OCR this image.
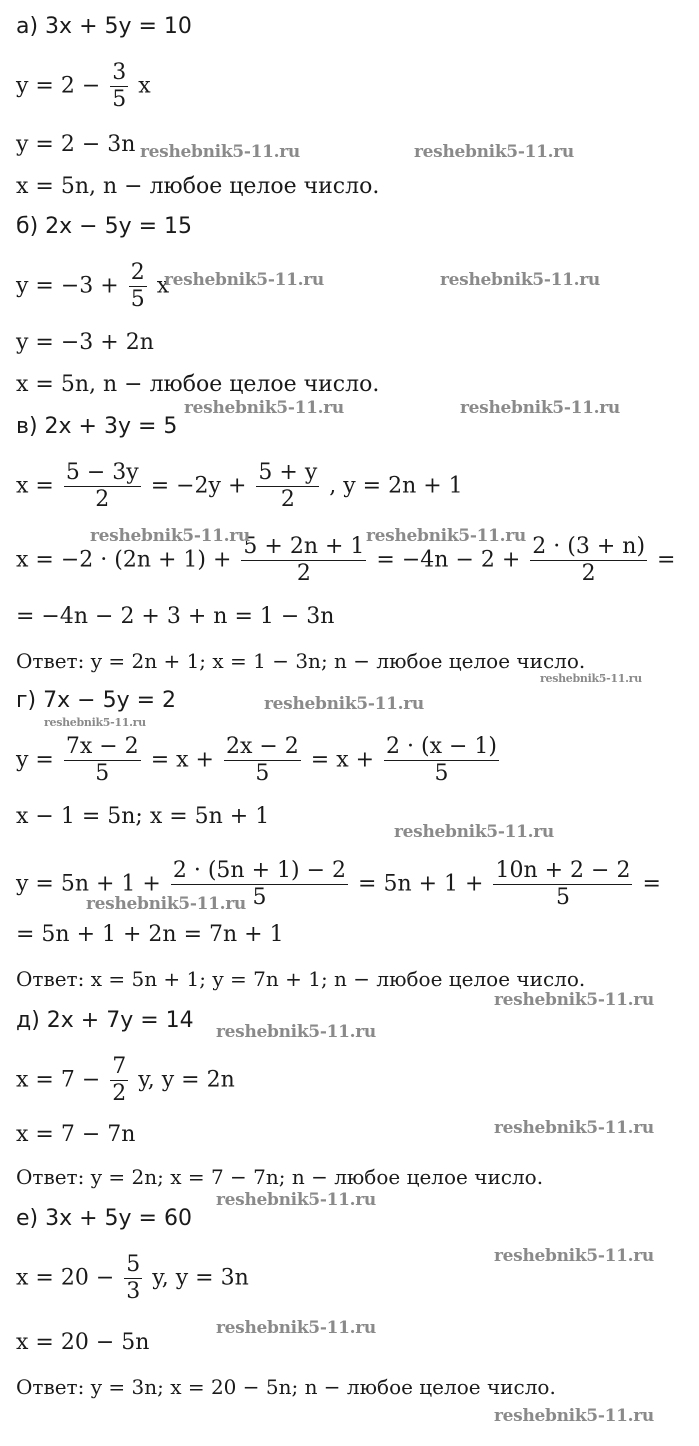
а) 3x + 5y = 10
$y = 2 - \frac{3}{5}$ x
y = 2 − 3n
x = 5n, n − любое целое число.
б) 2x − 5y = 15
$y = -3 + \frac{2}{5}$ x
y = −3 + 2n
x = 5n, n − любое целое число.
в) 2x + 3y = 5
$x = \frac{5 - 3y}{2} = -2y + \frac{5 + y}{2}$ , y = 2n + 1
$x = -2 \cdot (2n + 1) + \frac{5 + 2n + 1}{2} = -4n - 2 + \frac{2 \cdot (3 + n)}{2}$ =
= −4n − 2 + 3 + n = 1 − 3n
Ответ: y = 2n + 1; x = 1 − 3n; n − любое целое число.
г) 7x − 5y = 2
$y = \frac{7x - 2}{5} = x + \frac{2x - 2}{5} = x + \frac{2 \cdot (x - 1)}{5}$
x − 1 = 5n; x = 5n + 1
$y = 5n + 1 + \frac{2 \cdot (5n + 1) - 2}{5} = 5n + 1 + \frac{10n + 2 - 2}{5}$ =
= 5n + 1 + 2n = 7n + 1
Ответ: x = 5n + 1; y = 7n + 1; n − любое целое число.
д) 2x + 7y = 14
$x = 7 - \frac{7}{2} y$, y = 2n
x = 7 − 7n
Ответ: y = 2n; x = 7 − 7n; n − любое целое число.
е) 3x + 5y = 60
$x = 20 - \frac{5}{3} y$, y = 3n
x = 20 − 5n
Ответ: y = 3n; x = 20 − 5n; n − любое целое число.
reshebnik5-11.ru	reshebnik5-11.ru
reshebnik5-11.ru	reshebnik5-11.ru
reshebnik5-11.ru	reshebnik5-11.ru
reshebnik5-11.ru	reshebnik5-11.ru
reshebnik5-11.ru
reshebnik5-11.ru
reshebnik5-11.ru
reshebnik5-11.ru
reshebnik5-11.ru
reshebnik5-11.ru
reshebnik5-11.ru
reshebnik5-11.ru
reshebnik5-11.ru
reshebnik5-11.ru
reshebnik5-11.ru
reshebnik5-11.ru
